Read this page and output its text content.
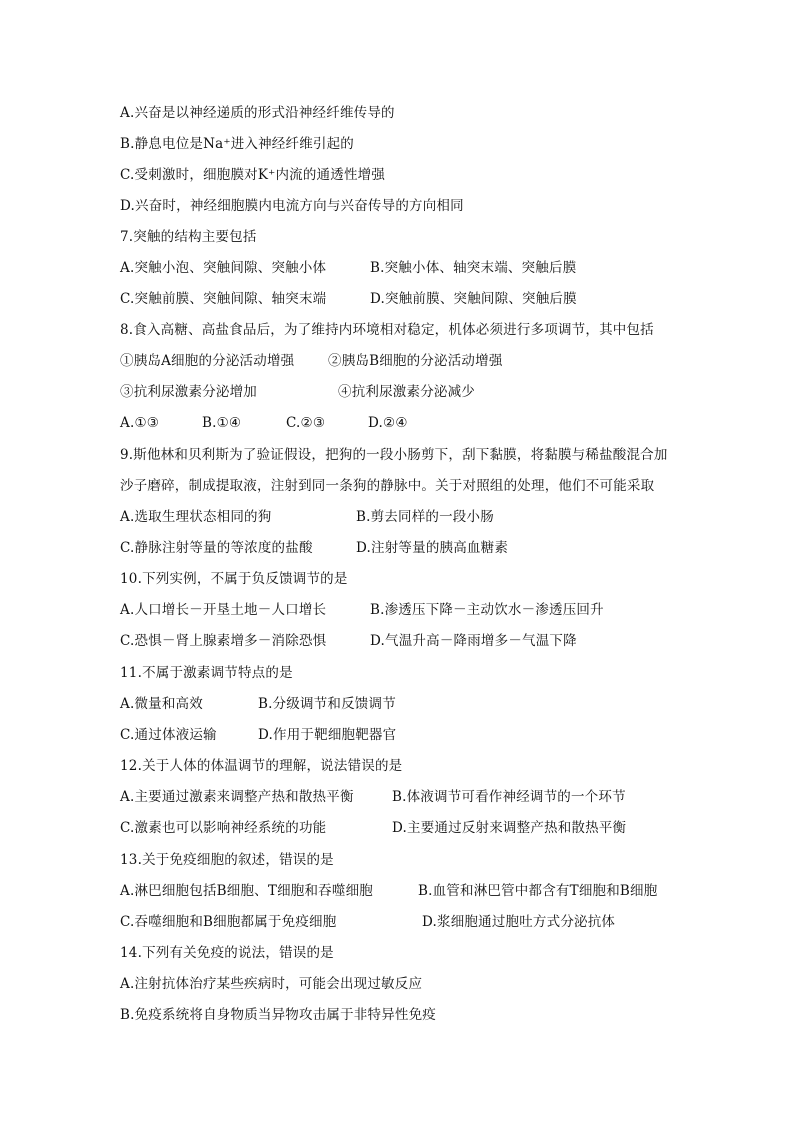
A.兴奋是以神经递质的形式沿神经纤维传导的
B.静息电位是Na⁺进入神经纤维引起的
C.受刺激时，细胞膜对K⁺内流的通透性增强
D.兴奋时，神经细胞膜内电流方向与兴奋传导的方向相同
7.突触的结构主要包括
A.突触小泡、突触间隙、突触小体	B.突触小体、轴突末端、突触后膜
C.突触前膜、突触间隙、轴突末端	D.突触前膜、突触间隙、突触后膜
8.食入高糖、高盐食品后，为了维持内环境相对稳定，机体必须进行多项调节，其中包括
①胰岛A细胞的分泌活动增强 ②胰岛B细胞的分泌活动增强
③抗利尿激素分泌增加	④抗利尿激素分泌减少
A.①③	B.①④	C.②③	D.②④
9.斯他林和贝利斯为了验证假设，把狗的一段小肠剪下，刮下黏膜，将黏膜与稀盐酸混合加
沙子磨碎，制成提取液，注射到同一条狗的静脉中。关于对照组的处理，他们不可能采取
A.选取生理状态相同的狗	B.剪去同样的一段小肠
C.静脉注射等量的等浓度的盐酸	D.注射等量的胰高血糖素
10.下列实例，不属于负反馈调节的是
A.人口增长－开垦土地－人口增长	B.渗透压下降－主动饮水－渗透压回升
C.恐惧－肾上腺素增多－消除恐惧	D.气温升高－降雨增多－气温下降
11.不属于激素调节特点的是
A.微量和高效	B.分级调节和反馈调节
C.通过体液运输	D.作用于靶细胞靶器官
12.关于人体的体温调节的理解，说法错误的是
A.主要通过激素来调整产热和散热平衡	B.体液调节可看作神经调节的一个环节
C.激素也可以影响神经系统的功能	D.主要通过反射来调整产热和散热平衡
13.关于免疫细胞的叙述，错误的是
A.淋巴细胞包括B细胞、T细胞和吞噬细胞	B.血管和淋巴管中都含有T细胞和B细胞
C.吞噬细胞和B细胞都属于免疫细胞	D.浆细胞通过胞吐方式分泌抗体
14.下列有关免疫的说法，错误的是
A.注射抗体治疗某些疾病时，可能会出现过敏反应
B.免疫系统将自身物质当异物攻击属于非特异性免疫
